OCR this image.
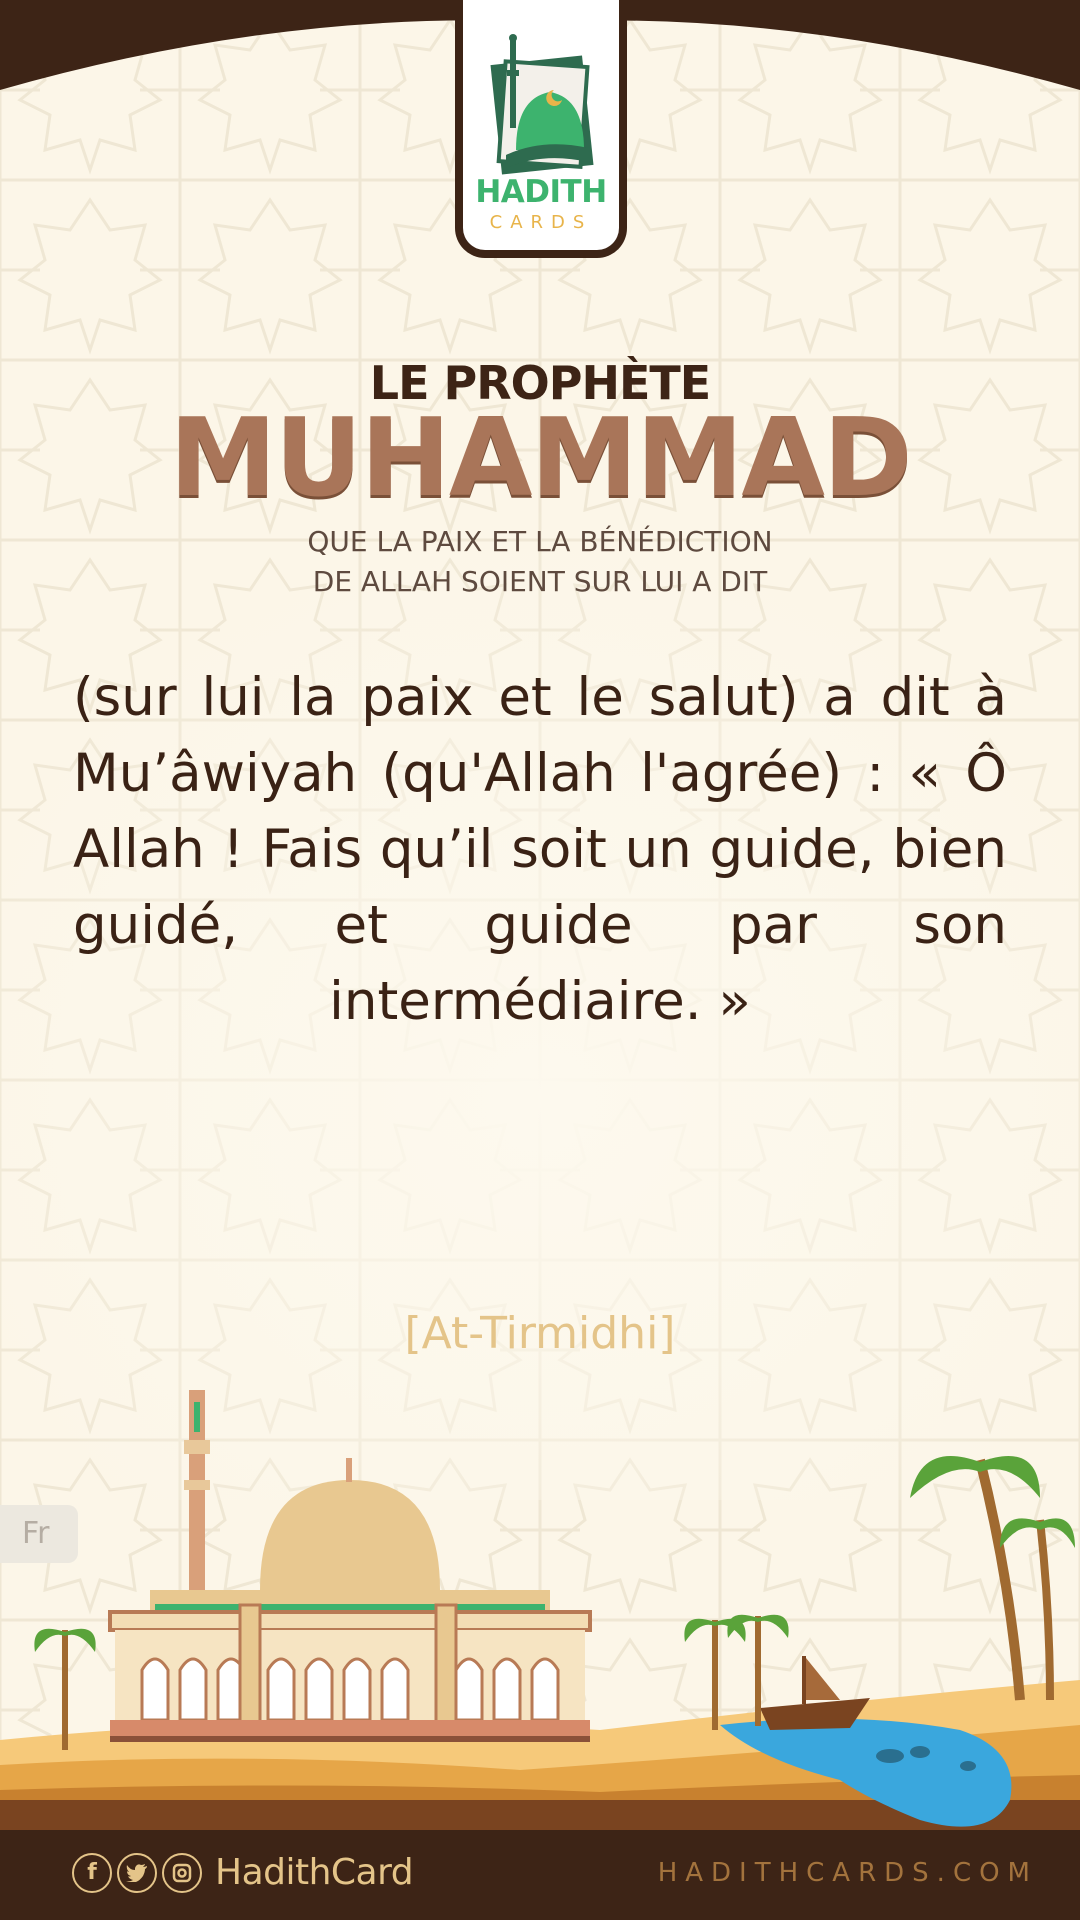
HADITH
CARDS
LE PROPHÈTE
MUHAMMAD
QUE LA PAIX ET LA BÉNÉDICTION
DE ALLAH SOIENT SUR LUI A DIT
(sur lui la paix et le salut) a dit à Mu’âwiyah (qu'Allah l'agrée) : « Ô Allah ! Fais qu’il soit un guide, bien guidé, et guide par son intermédiaire. »
[At-Tirmidhi]
Fr
f	HadithCard	HADITHCARDS.COM
